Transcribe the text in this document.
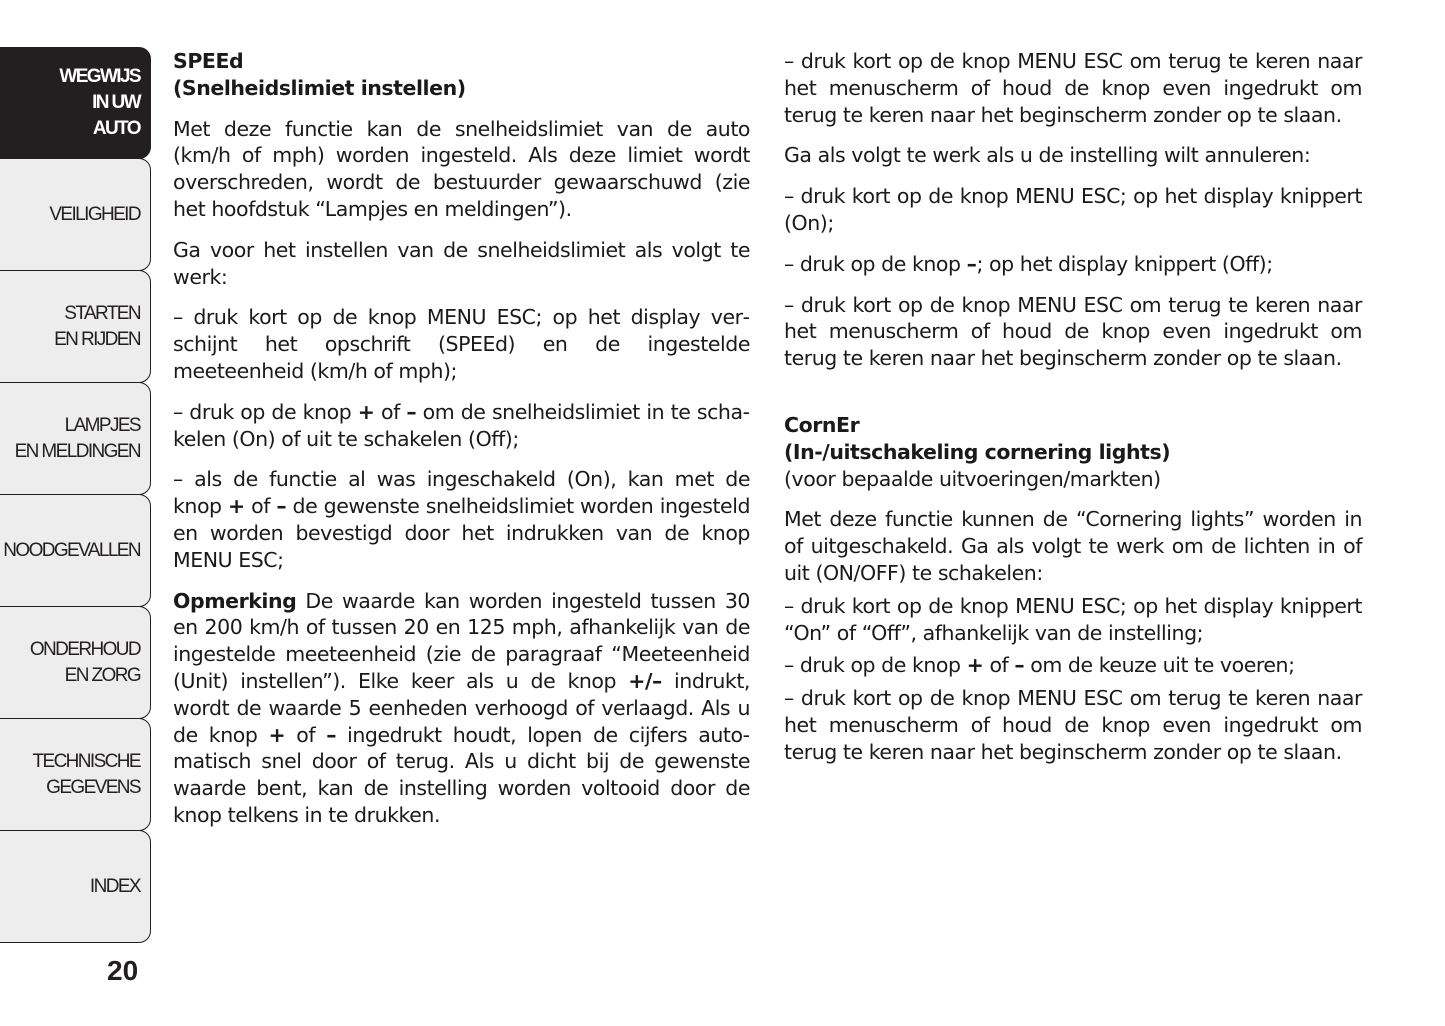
WEGWIJS
IN UW
AUTO
VEILIGHEID
STARTEN
EN RIJDEN
LAMPJES
EN MELDINGEN
NOODGEVALLEN
ONDERHOUD
EN ZORG
TECHNISCHE
GEGEVENS
INDEX
20
SPEEd
(Snelheidslimiet instellen)

Met deze functie kan de snelheidslimiet van de auto (km/h of mph) worden ingesteld. Als deze limiet wordt overschreden, wordt de bestuurder gewaarschuwd (zie het hoofdstuk “Lampjes en meldingen”).

Ga voor het instellen van de snelheidslimiet als volgt te werk:

– druk kort op de knop MENU ESC; op het display verschijnt het opschrift (SPEEd) en de ingestelde meeteenheid (km/h of mph);

– druk op de knop + of – om de snelheidslimiet in te schakelen (On) of uit te schakelen (Off);

– als de functie al was ingeschakeld (On), kan met de knop + of – de gewenste snelheidslimiet worden ingesteld en worden bevestigd door het indrukken van de knop MENU ESC;

Opmerking De waarde kan worden ingesteld tussen 30 en 200 km/h of tussen 20 en 125 mph, afhankelijk van de ingestelde meeteenheid (zie de paragraaf “Meeteenheid (Unit) instellen”). Elke keer als u de knop +/– indrukt, wordt de waarde 5 eenheden verhoogd of verlaagd. Als u de knop + of – ingedrukt houdt, lopen de cijfers automatisch snel door of terug. Als u dicht bij de gewenste waarde bent, kan de instelling worden voltooid door de knop telkens in te drukken.

– druk kort op de knop MENU ESC om terug te keren naar het menuscherm of houd de knop even ingedrukt om terug te keren naar het beginscherm zonder op te slaan.

Ga als volgt te werk als u de instelling wilt annuleren:

– druk kort op de knop MENU ESC; op het display knippert (On);

– druk op de knop –; op het display knippert (Off);

– druk kort op de knop MENU ESC om terug te keren naar het menuscherm of houd de knop even ingedrukt om terug te keren naar het beginscherm zonder op te slaan.

CornEr
(In-/uitschakeling cornering lights)
(voor bepaalde uitvoeringen/markten)

Met deze functie kunnen de “Cornering lights” worden in of uitgeschakeld. Ga als volgt te werk om de lichten in of uit (ON/OFF) te schakelen:

– druk kort op de knop MENU ESC; op het display knippert “On” of “Off”, afhankelijk van de instelling;

– druk op de knop + of – om de keuze uit te voeren;

– druk kort op de knop MENU ESC om terug te keren naar het menuscherm of houd de knop even ingedrukt om terug te keren naar het beginscherm zonder op te slaan.
